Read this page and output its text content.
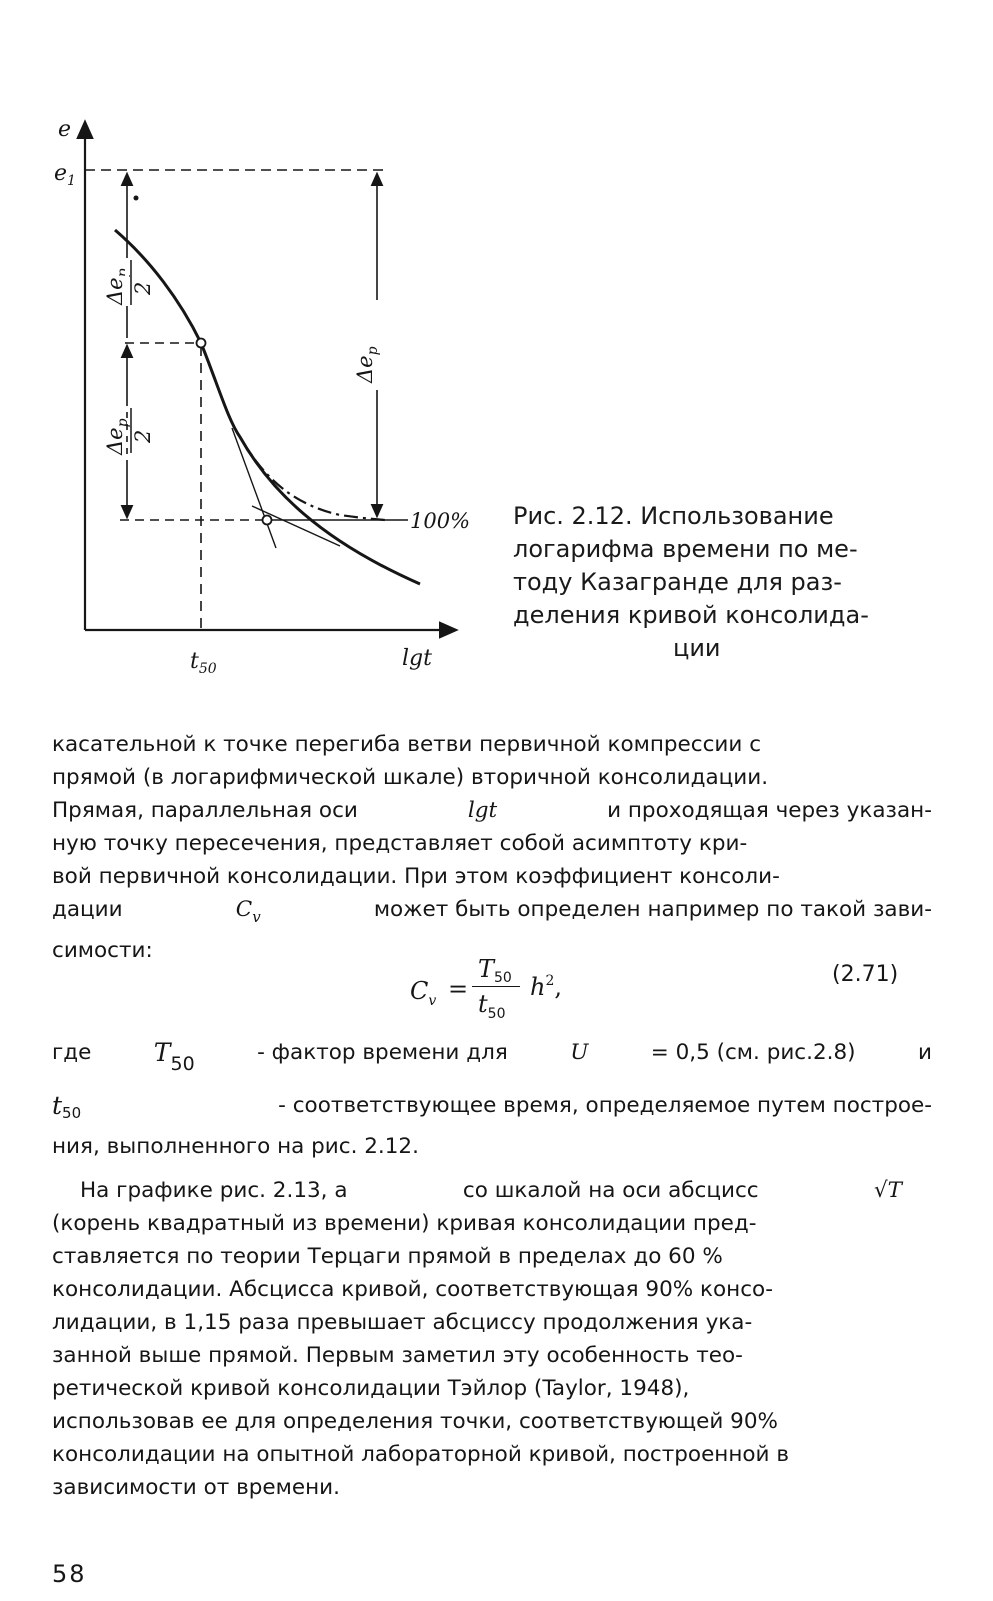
e
$e_1$
$\Delta e_p$
2
$\Delta e_p$
2
$\Delta e_p$
100%
$t_{50}$	lgt
Рис. 2.12. Использование
логарифма времени по ме-
тоду Казагранде для раз-
деления кривой консолида-
ции
касательной к точке перегиба ветви первичной компрессии с
прямой (в логарифмической шкале) вторичной консолидации.
Прямая, параллельная оси	lgt	и проходящая через указан-
ную точку пересечения, представляет собой асимптоту кри-
вой первичной консолидации. При этом коэффициент консоли-
дации	$C_v$	может быть определен например по такой зави-
симости:
$C_v$ =
$T_{50}$
$t_{50}$
$h^2$,	(2.71)
где $T_{50}$	- фактор времени для	U	= 0,5 (см. рис.2.8)	и
t50	- соответствующее время, определяемое путем построе-
ния, выполненного на рис. 2.12.
На графике рис. 2.13, а	со шкалой на оси абсцисс	√T
(корень квадратный из времени) кривая консолидации пред-
ставляется по теории Терцаги прямой в пределах до 60 %
консолидации. Абсцисса кривой, соответствующая 90% консо-
лидации, в 1,15 раза превышает абсциссу продолжения ука-
занной выше прямой. Первым заметил эту особенность тео-
ретической кривой консолидации Тэйлор (Taylor, 1948),
использовав ее для определения точки, соответствующей 90%
консолидации на опытной лабораторной кривой, построенной в
зависимости от времени.
58
